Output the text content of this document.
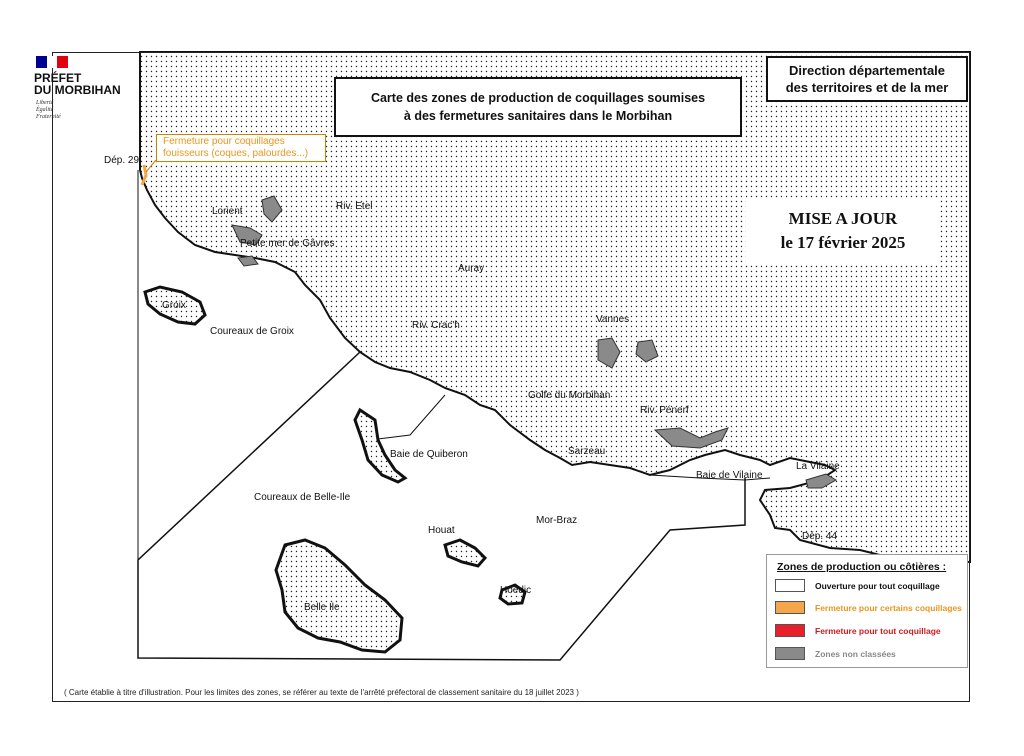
PRÉFET
DU MORBIHAN
Liberté
Égalité
Fraternité
Carte des zones de production de coquillages soumises
à des fermetures sanitaires dans le Morbihan
Direction départementale
des territoires et de la mer
MISE A JOUR
le 17 février 2025
Fermeture pour coquillages
fouisseurs (coques, palourdes...)
Dép. 29
Lorient
Petite mer de Gâvres
Riv. Etel
Groix
Coureaux de Groix
Auray
Riv. Crac'h
Vannes
Golfe du Morbihan
Riv. Pénerf
Baie de Quiberon	Sarzeau
Baie de Vilaine
La Vilaine
Dép. 44
Coureaux de Belle-Ile
Houat
Mor-Braz
Hoëdic
Belle Ile
Zones de production ou côtières :
Ouverture pour tout coquillage
Fermeture pour certains coquillages
Fermeture pour tout coquillage
Zones non classées
( Carte établie à titre d'illustration. Pour les limites des zones, se référer au texte de l'arrêté préfectoral de classement sanitaire du 18 juillet 2023 )
